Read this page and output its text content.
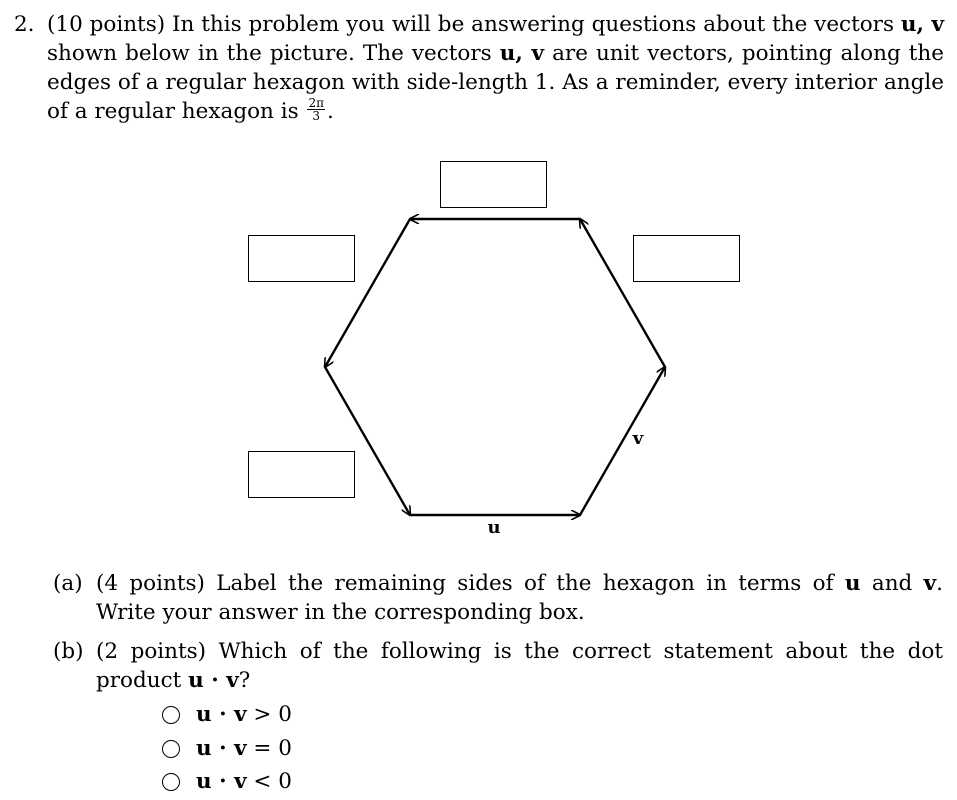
2. (10 points) In this problem you will be answering questions about the vectors u, v shown below in the picture. The vectors u, v are unit vectors, pointing along the edges of a regular hexagon with side-length 1. As a reminder, every interior angle of a regular hexagon is $\frac{2\pi}{3}$ .
u
v
(a) (4 points) Label the remaining sides of the hexagon in terms of u and v. Write your answer in the corresponding box.
(b) (2 points) Which of the following is the correct statement about the dot product u · v?
u · v > 0
u · v = 0
u · v < 0
